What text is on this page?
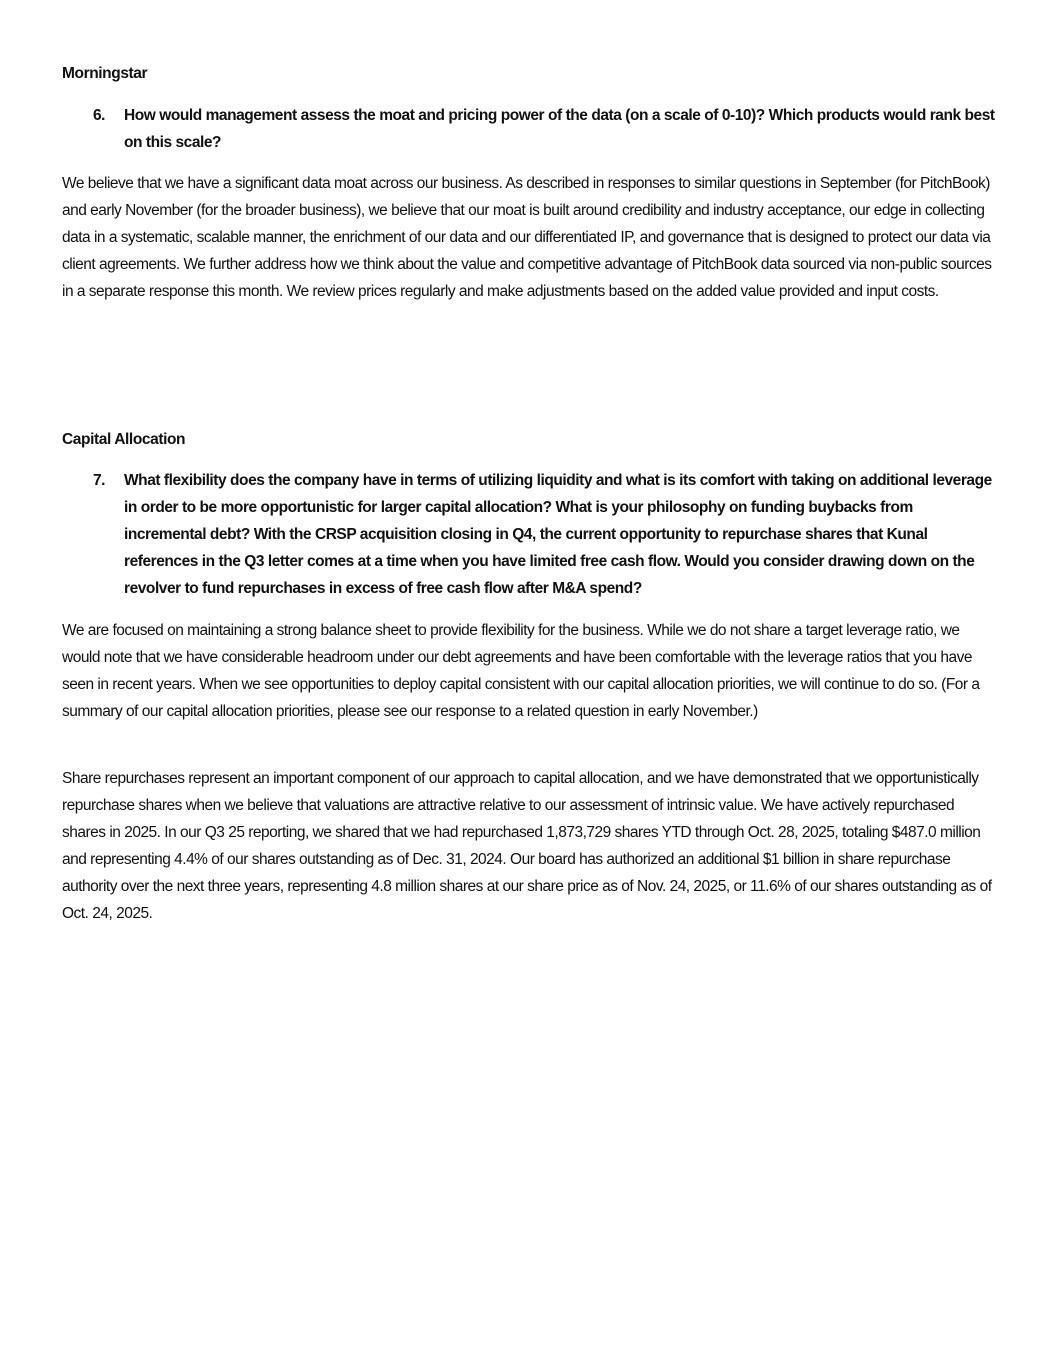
Morningstar
6. How would management assess the moat and pricing power of the data (on a scale of 0-10)? Which products would rank best on this scale?

We believe that we have a significant data moat across our business. As described in responses to similar questions in September (for PitchBook) and early November (for the broader business), we believe that our moat is built around credibility and industry acceptance, our edge in collecting data in a systematic, scalable manner, the enrichment of our data and our differentiated IP, and governance that is designed to protect our data via client agreements. We further address how we think about the value and competitive advantage of PitchBook data sourced via non-public sources in a separate response this month. We review prices regularly and make adjustments based on the added value provided and input costs.

Capital Allocation
7. What flexibility does the company have in terms of utilizing liquidity and what is its comfort with taking on additional leverage in order to be more opportunistic for larger capital allocation? What is your philosophy on funding buybacks from incremental debt? With the CRSP acquisition closing in Q4, the current opportunity to repurchase shares that Kunal references in the Q3 letter comes at a time when you have limited free cash flow. Would you consider drawing down on the revolver to fund repurchases in excess of free cash flow after M&A spend?

We are focused on maintaining a strong balance sheet to provide flexibility for the business. While we do not share a target leverage ratio, we would note that we have considerable headroom under our debt agreements and have been comfortable with the leverage ratios that you have seen in recent years. When we see opportunities to deploy capital consistent with our capital allocation priorities, we will continue to do so. (For a summary of our capital allocation priorities, please see our response to a related question in early November.)

Share repurchases represent an important component of our approach to capital allocation, and we have demonstrated that we opportunistically repurchase shares when we believe that valuations are attractive relative to our assessment of intrinsic value. We have actively repurchased shares in 2025. In our Q3 25 reporting, we shared that we had repurchased 1,873,729 shares YTD through Oct. 28, 2025, totaling $487.0 million and representing 4.4% of our shares outstanding as of Dec. 31, 2024. Our board has authorized an additional $1 billion in share repurchase authority over the next three years, representing 4.8 million shares at our share price as of Nov. 24, 2025, or 11.6% of our shares outstanding as of Oct. 24, 2025.
